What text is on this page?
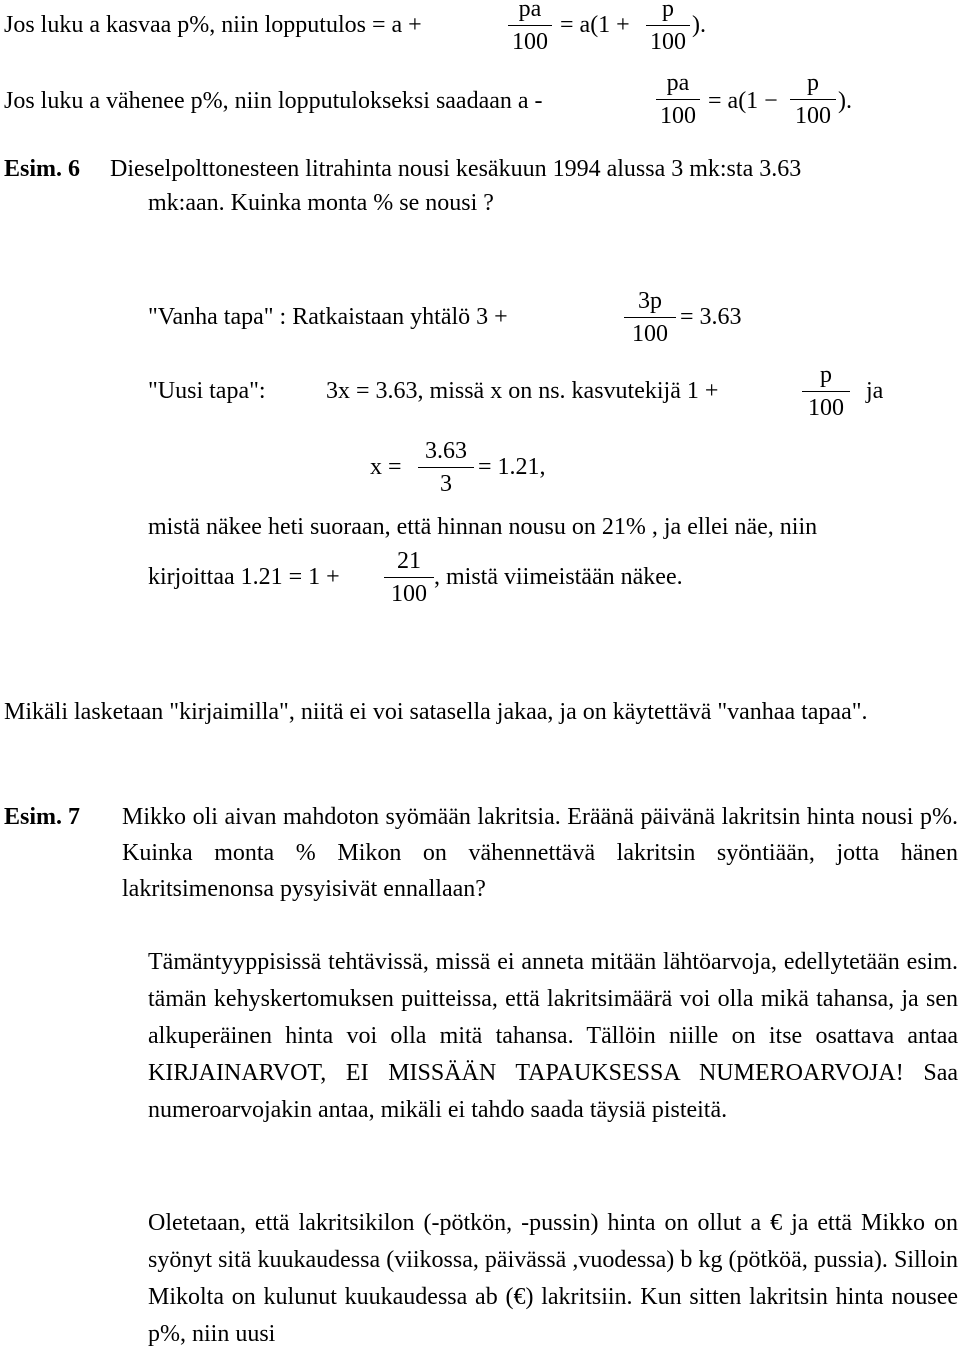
Jos luku a kasvaa p%, niin lopputulos = a +
pa
100
= a(1 +
p
100
).
Jos luku a vähenee p%, niin lopputulokseksi saadaan a -
pa
100
= a(1 −
p
100
).
Esim. 6 Dieselpolttonesteen litrahinta nousi kesäkuun 1994 alussa 3 mk:sta 3.63
mk:aan. Kuinka monta % se nousi ?
"Vanha tapa" : Ratkaistaan yhtälö 3 +
3p
100
= 3.63
"Uusi tapa":	3x = 3.63, missä x on ns. kasvutekijä 1 +
p
100
ja
x =
3.63
3
= 1.21,
mistä näkee heti suoraan, että hinnan nousu on 21% , ja ellei näe, niin
kirjoittaa 1.21 = 1 +
21
100
, mistä viimeistään näkee.
Mikäli lasketaan "kirjaimilla", niitä ei voi satasella jakaa, ja on käytettävä "vanhaa tapaa".
Esim. 7 Mikko oli aivan mahdoton syömään lakritsia. Eräänä päivänä lakritsin hinta nousi p%. Kuinka monta % Mikon on vähennettävä lakritsin syöntiään, jotta hänen lakritsimenonsa pysyisivät ennallaan?
Tämäntyyppisissä tehtävissä, missä ei anneta mitään lähtöarvoja, edellytetään esim. tämän kehyskertomuksen puitteissa, että lakritsimäärä voi olla mikä tahansa, ja sen alkuperäinen hinta voi olla mitä tahansa. Tällöin niille on itse osattava antaa KIRJAINARVOT, EI MISSÄÄN TAPAUKSESSA NUMEROARVOJA! Saa numeroarvojakin antaa, mikäli ei tahdo saada täysiä pisteitä.
Oletetaan, että lakritsikilon (-pötkön, -pussin) hinta on ollut a € ja että Mikko on syönyt sitä kuukaudessa (viikossa, päivässä ,vuodessa) b kg (pötköä, pussia). Silloin Mikolta on kulunut kuukaudessa ab (€) lakritsiin. Kun sitten lakritsin hinta nousee p%, niin uusi
